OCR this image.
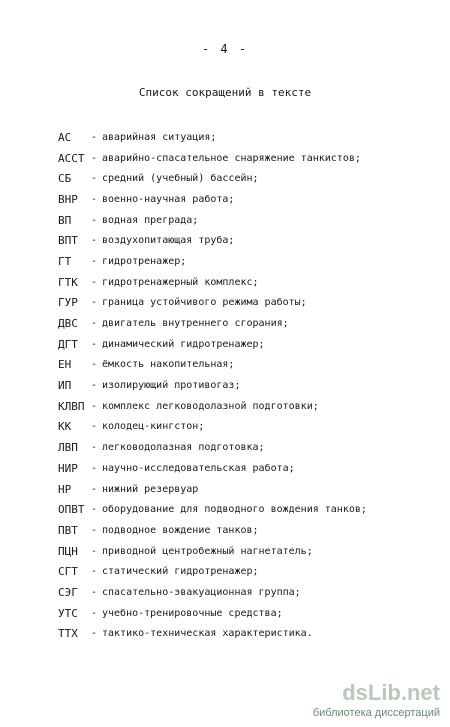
- 4 -
Список сокращений в тексте
АС	- аварийная ситуация;
АССТ - аварийно-спасательное снаряжение танкистов;
СБ	- средний (учебный) бассейн;
ВНР	- военно-научная работа;
ВП	- водная преграда;
ВПТ	- воздухопитающая труба;
ГТ	- гидротренажер;
ГТК	- гидротренажерный комплекс;
ГУР	- граница устойчивого режима работы;
ДВС	- двигатель внутреннего сгорания;
ДГТ	- динамический гидротренажер;
ЕН	- ёмкость накопительная;
ИП	- изолирующий противогаз;
КЛВП - комплекс легководолазной подготовки;
КК	- колодец-кингстон;
ЛВП	- легководолазная подготовка;
НИР	- научно-исследовательская работа;
НР	- нижний резервуар
ОПВТ - оборудование для подводного вождения танков;
ПВТ	- подводное вождение танков;
ПЦН	- приводной центробежный нагнетатель;
СГТ	- статический гидротренажер;
СЭГ	- спасательно-эвакуационная группа;
УТС	- учебно-тренировочные средства;
ТТХ	- тактико-техническая характеристика.
dsLib.net
библиотека диссертаций
